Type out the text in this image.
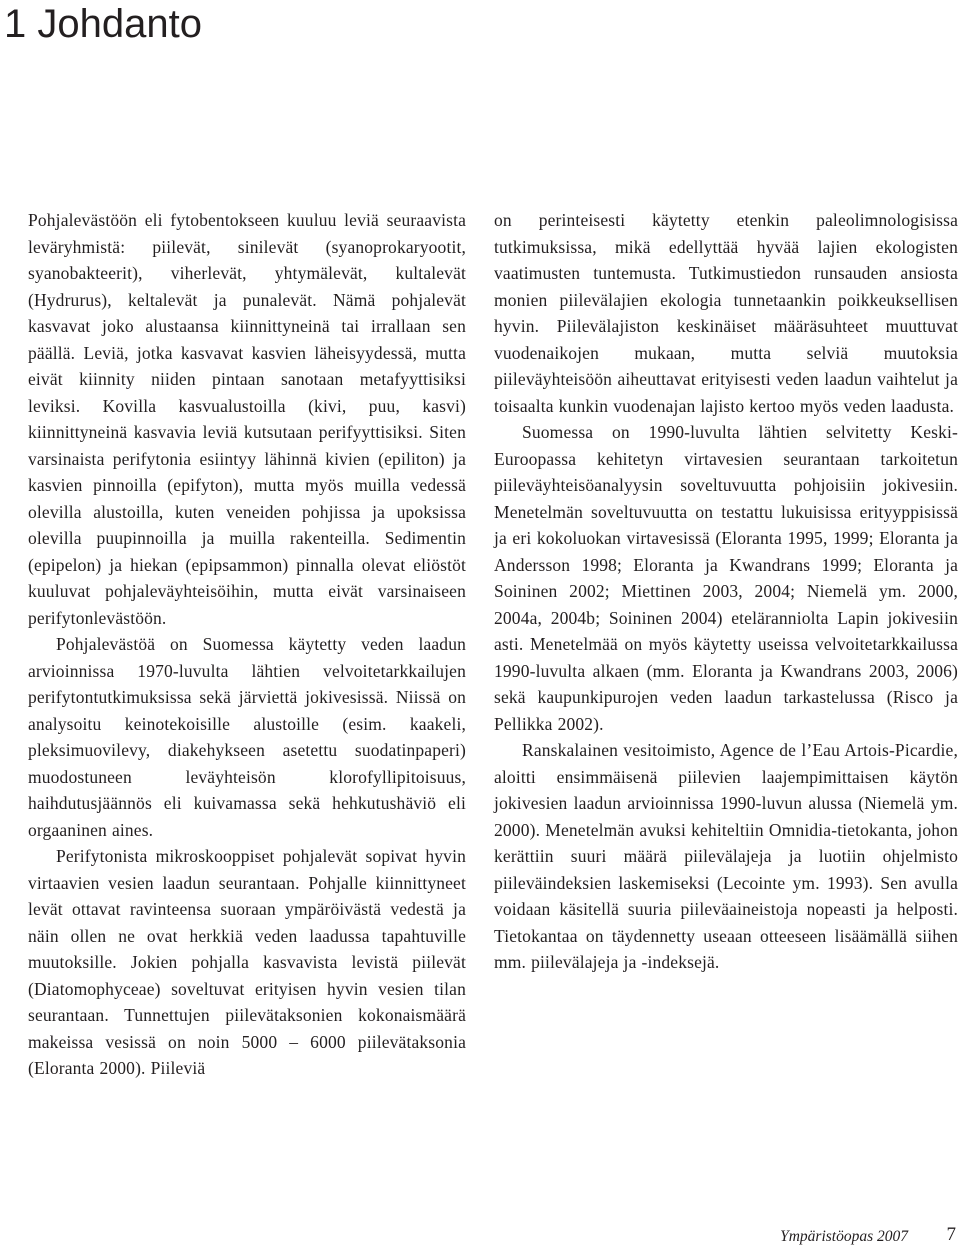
1 Johdanto

Pohjalevästöön eli fytobentokseen kuuluu leviä seuraavista leväryhmistä: piilevät, sinilevät (syanoprokaryootit, syanobakteerit), viherlevät, yhtymälevät, kultalevät (Hydrurus), keltalevät ja punalevät. Nämä pohjalevät kasvavat joko alustaansa kiinnittyneinä tai irrallaan sen päällä. Leviä, jotka kasvavat kasvien läheisyydessä, mutta eivät kiinnity niiden pintaan sanotaan metafyyttisiksi leviksi. Kovilla kasvualustoilla (kivi, puu, kasvi) kiinnittyneinä kasvavia leviä kutsutaan perifyyttisiksi. Siten varsinaista perifytonia esiintyy lähinnä kivien (epiliton) ja kasvien pinnoilla (epifyton), mutta myös muilla vedessä olevilla alustoilla, kuten veneiden pohjissa ja upoksissa olevilla puupinnoilla ja muilla rakenteilla. Sedimentin (epipelon) ja hiekan (epipsammon) pinnalla olevat eliöstöt kuuluvat pohjaleväyhteisöihin, mutta eivät varsinaiseen perifytonlevästöön.

Pohjalevästöä on Suomessa käytetty veden laadun arvioinnissa 1970-luvulta lähtien velvoitetarkkailujen perifytontutkimuksissa sekä järviettä jokivesissä. Niissä on analysoitu keinotekoisille alustoille (esim. kaakeli, pleksimuovilevy, diakehykseen asetettu suodatinpaperi) muodostuneen leväyhteisön klorofyllipitoisuus, haihdutusjäännös eli kuivamassa sekä hehkutushäviö eli orgaaninen aines.

Perifytonista mikroskooppiset pohjalevät sopivat hyvin virtaavien vesien laadun seurantaan. Pohjalle kiinnittyneet levät ottavat ravinteensa suoraan ympäröivästä vedestä ja näin ollen ne ovat herkkiä veden laadussa tapahtuville muutoksille. Jokien pohjalla kasvavista levistä piilevät (Diatomophyceae) soveltuvat erityisen hyvin vesien tilan seurantaan. Tunnettujen piilevätaksonien kokonaismäärä makeissa vesissä on noin 5000 – 6000 piilevätaksonia (Eloranta 2000). Piileviä

on perinteisesti käytetty etenkin paleolimnologisissa tutkimuksissa, mikä edellyttää hyvää lajien ekologisten vaatimusten tuntemusta. Tutkimustiedon runsauden ansiosta monien piilevälajien ekologia tunnetaankin poikkeuksellisen hyvin. Piilevälajiston keskinäiset määräsuhteet muuttuvat vuodenaikojen mukaan, mutta selviä muutoksia piileväyhteisöön aiheuttavat erityisesti veden laadun vaihtelut ja toisaalta kunkin vuodenajan lajisto kertoo myös veden laadusta.

Suomessa on 1990-luvulta lähtien selvitetty Keski-Euroopassa kehitetyn virtavesien seurantaan tarkoitetun piileväyhteisöanalyysin soveltuvuutta pohjoisiin jokivesiin. Menetelmän soveltuvuutta on testattu lukuisissa erityyppisissä ja eri kokoluokan virtavesissä (Eloranta 1995, 1999; Eloranta ja Andersson 1998; Eloranta ja Kwandrans 1999; Eloranta ja Soininen 2002; Miettinen 2003, 2004; Niemelä ym. 2000, 2004a, 2004b; Soininen 2004) eteläranniolta Lapin jokivesiin asti. Menetelmää on myös käytetty useissa velvoitetarkkailussa 1990-luvulta alkaen (mm. Eloranta ja Kwandrans 2003, 2006) sekä kaupunkipurojen veden laadun tarkastelussa (Risco ja Pellikka 2002).

Ranskalainen vesitoimisto, Agence de l’Eau Artois-Picardie, aloitti ensimmäisenä piilevien laajempimittaisen käytön jokivesien laadun arvioinnissa 1990-luvun alussa (Niemelä ym. 2000). Menetelmän avuksi kehiteltiin Omnidia-tietokanta, johon kerättiin suuri määrä piilevälajeja ja luotiin ohjelmisto piileväindeksien laskemiseksi (Lecointe ym. 1993). Sen avulla voidaan käsitellä suuria piileväaineistoja nopeasti ja helposti. Tietokantaa on täydennetty useaan otteeseen lisäämällä siihen mm. piilevälajeja ja -indeksejä.

Ympäristöopas 2007 7
